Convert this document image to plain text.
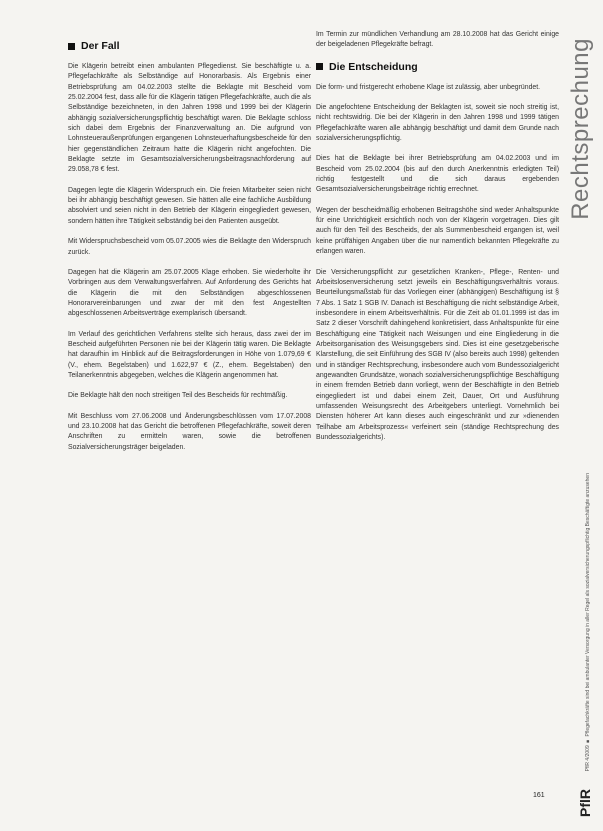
Der Fall

Die Klägerin betreibt einen ambulanten Pflegedienst. Sie beschäftigte u. a. Pflegefachkräfte als Selbständige auf Honorarbasis. Als Ergebnis einer Betriebsprüfung am 04.02.2003 stellte die Beklagte mit Bescheid vom 25.02.2004 fest, dass alle für die Klägerin tätigen Pflegefachkräfte, auch die als Selbständige bezeichneten, in den Jahren 1998 und 1999 bei der Klägerin abhängig sozialversicherungspflichtig beschäftigt waren. Die Beklagte schloss sich dabei dem Ergebnis der Finanzverwaltung an. Die aufgrund von Lohnsteueraußenprüfungen ergangenen Lohnsteuerhaftungsbescheide für den hier gegenständlichen Zeitraum hatte die Klägerin nicht angefochten. Die Beklagte setzte im Gesamtsozialversicherungsbeitragsnachforderung auf 29.058,78 € fest.

Dagegen legte die Klägerin Widerspruch ein. Die freien Mitarbeiter seien nicht bei ihr abhängig beschäftigt gewesen. Sie hätten alle eine fachliche Ausbildung absolviert und seien nicht in den Betrieb der Klägerin eingegliedert gewesen, sondern hätten ihre Tätigkeit selbständig bei den Patienten ausgeübt.

Mit Widerspruchsbescheid vom 05.07.2005 wies die Beklagte den Widerspruch zurück.

Dagegen hat die Klägerin am 25.07.2005 Klage erhoben. Sie wiederholte ihr Vorbringen aus dem Verwaltungsverfahren. Auf Anforderung des Gerichts hat die Klägerin die mit den Selbständigen abgeschlossenen Honorarvereinbarungen und zwar der mit den fest Angestellten abgeschlossenen Arbeitsverträge exemplarisch übersandt.

Im Verlauf des gerichtlichen Verfahrens stellte sich heraus, dass zwei der im Bescheid aufgeführten Personen nie bei der Klägerin tätig waren. Die Beklagte hat daraufhin im Hinblick auf die Beitragsforderungen in Höhe von 1.079,69 € (V., ehem. Begelstaben) und 1.622,97 € (Z., ehem. Begelstaben) den Teilanerkenntnis abgegeben, welches die Klägerin angenommen hat.

Die Beklagte hält den noch streitigen Teil des Bescheids für rechtmäßig.

Mit Beschluss vom 27.06.2008 und Änderungsbeschlüssen vom 17.07.2008 und 23.10.2008 hat das Gericht die betroffenen Pflegefachkräfte, soweit deren Anschriften zu ermitteln waren, sowie die betroffenen Sozialversicherungsträger beigeladen.

Im Termin zur mündlichen Verhandlung am 28.10.2008 hat das Gericht einige der beigeladenen Pflegekräfte befragt.

Die Entscheidung

Die form- und fristgerecht erhobene Klage ist zulässig, aber unbegründet.

Die angefochtene Entscheidung der Beklagten ist, soweit sie noch streitig ist, nicht rechtswidrig. Die bei der Klägerin in den Jahren 1998 und 1999 tätigen Pflegefachkräfte waren alle abhängig beschäftigt und damit dem Grunde nach sozialversicherungspflichtig.

Dies hat die Beklagte bei ihrer Betriebsprüfung am 04.02.2003 und im Bescheid vom 25.02.2004 (bis auf den durch Anerkenntnis erledigten Teil) richtig festgestellt und die sich daraus ergebenden Gesamtsozialversicherungsbeiträge richtig errechnet.

Wegen der bescheidmäßig erhobenen Beitragshöhe sind weder Anhaltspunkte für eine Unrichtigkeit ersichtlich noch von der Klägerin vorgetragen. Dies gilt auch für den Teil des Bescheids, der als Summenbescheid ergangen ist, weil keine prüffähigen Angaben über die nur namentlich bekannten Pflegekräfte zu erlangen waren.

Die Versicherungspflicht zur gesetzlichen Kranken-, Pflege-, Renten- und Arbeitslosenversicherung setzt jeweils ein Beschäftigungsverhältnis voraus. Beurteilungsmaßstab für das Vorliegen einer (abhängigen) Beschäftigung ist § 7 Abs. 1 Satz 1 SGB IV. Danach ist Beschäftigung die nicht selbständige Arbeit, insbesondere in einem Arbeitsverhältnis. Für die Zeit ab 01.01.1999 ist das im Satz 2 dieser Vorschrift dahingehend konkretisiert, dass Anhaltspunkte für eine Beschäftigung eine Tätigkeit nach Weisungen und eine Eingliederung in die Arbeitsorganisation des Weisungsgebers sind. Dies ist eine gesetzgeberische Klarstellung, die seit Einführung des SGB IV (also bereits auch 1998) geltenden und in ständiger Rechtsprechung, insbesondere auch vom Bundessozialgericht angewandten Grundsätze, wonach sozialversicherungspflichtige Beschäftigung in einem fremden Betrieb dann vorliegt, wenn der Beschäftigte in den Betrieb eingegliedert ist und dabei einem Zeit, Dauer, Ort und Ausführung umfassenden Weisungsrecht des Arbeitgebers unterliegt. Vornehmlich bei Diensten höherer Art kann dieses auch eingeschränkt und zur »dienenden Teilhabe am Arbeitsprozess« verfeinert sein (ständige Rechtsprechung des Bundessozialgerichts).

Rechtsprechung
PflR 4/2009 ■ Pflegefachkräfte sind bei ambulanter Versorgung in aller Regel als sozialversicherungspflichtig Beschäftigte anzusehen
PflR
161
